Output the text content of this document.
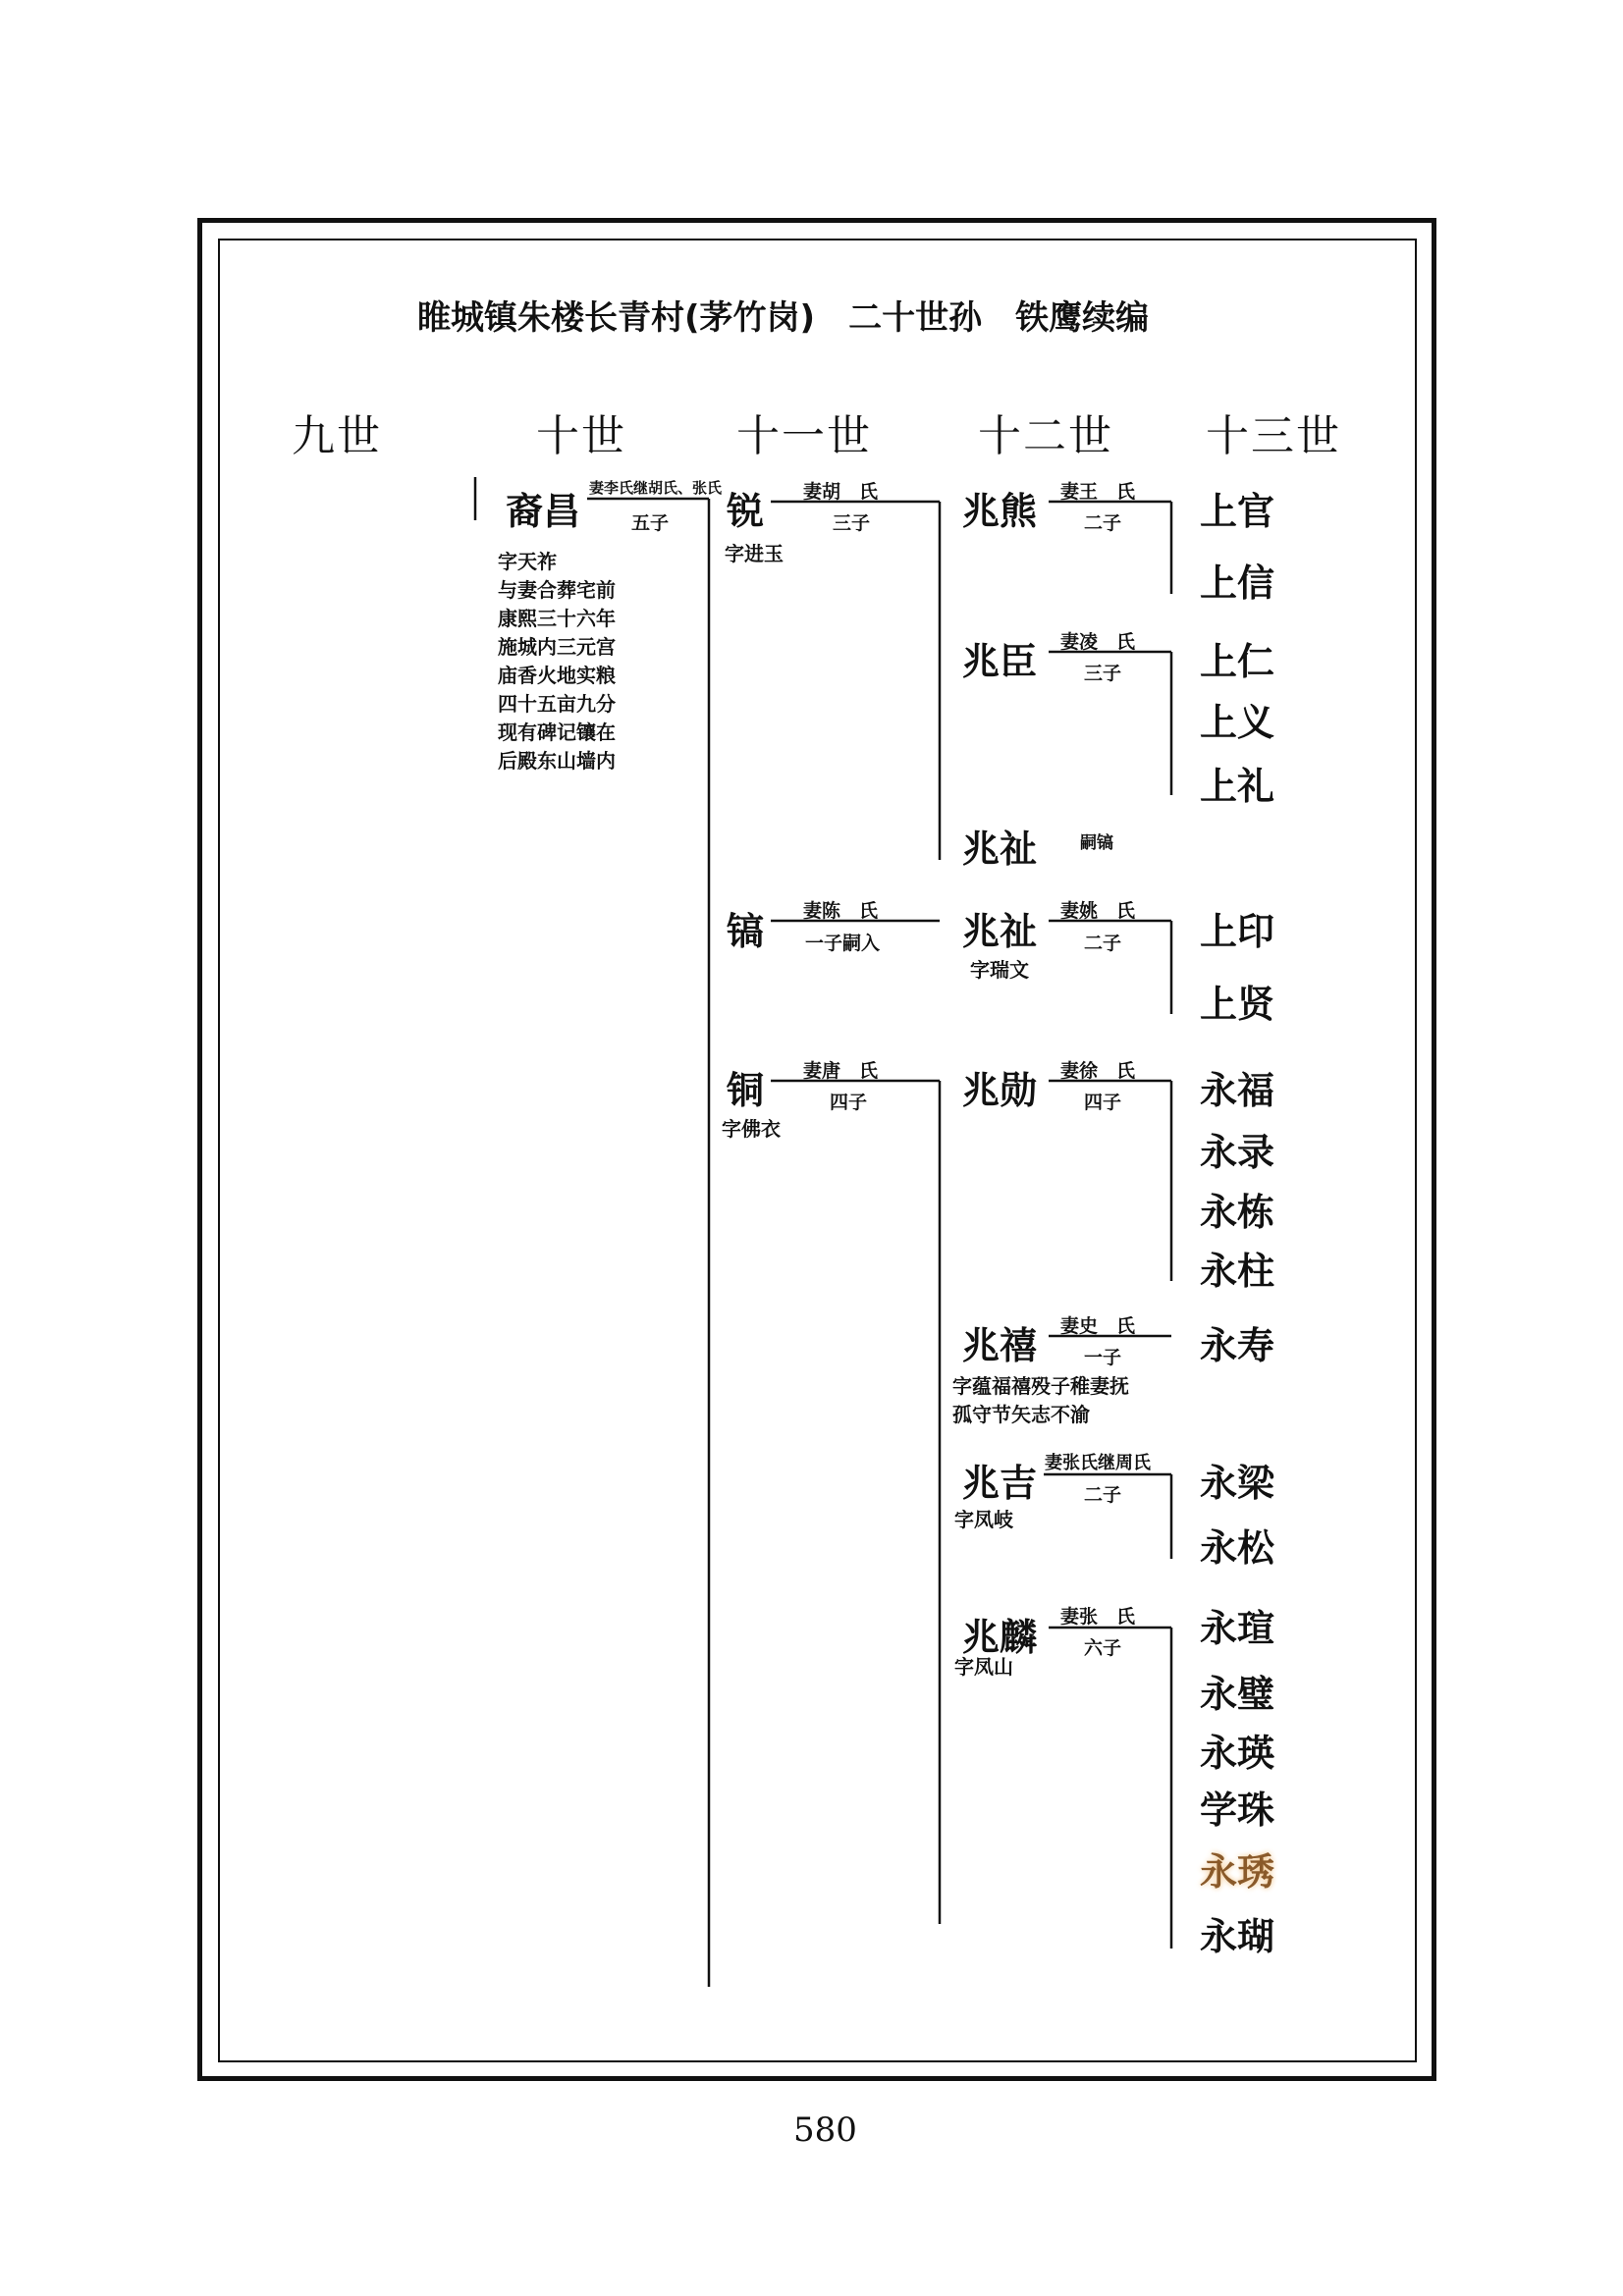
睢城镇朱楼长青村(茅竹岗)　二十世孙　铁鹰续编
九世	十世	十一世 十二世 十三世
裔昌
妻李氏继胡氏、张氏
五子
字天祚
与妻合葬宅前
康熙三十六年
施城内三元宫
庙香火地实粮
四十五亩九分
现有碑记镶在
后殿东山墙内
锐 妻胡　氏
三子
字进玉
镐 妻陈　氏
一子嗣入
铜 妻唐　氏
四子
字佛衣
兆熊 妻王　氏
二子
兆臣 妻凌　氏
三子
兆祉	嗣镐
兆祉 妻姚　氏
二子
字瑞文
兆勋 妻徐　氏
四子
兆禧 妻史　氏
一子
字蕴福禧殁子稚妻抚
孤守节矢志不渝
兆吉 妻张氏继周氏
二子
字凤岐
兆麟 妻张　氏
六子
字凤山
上官
上信
上仁
上义
上礼
上印
上贤
永福
永录
永栋
永柱
永寿
永梁
永松
永瑄
永璧
永瑛
学珠
永琇
永瑚
580
